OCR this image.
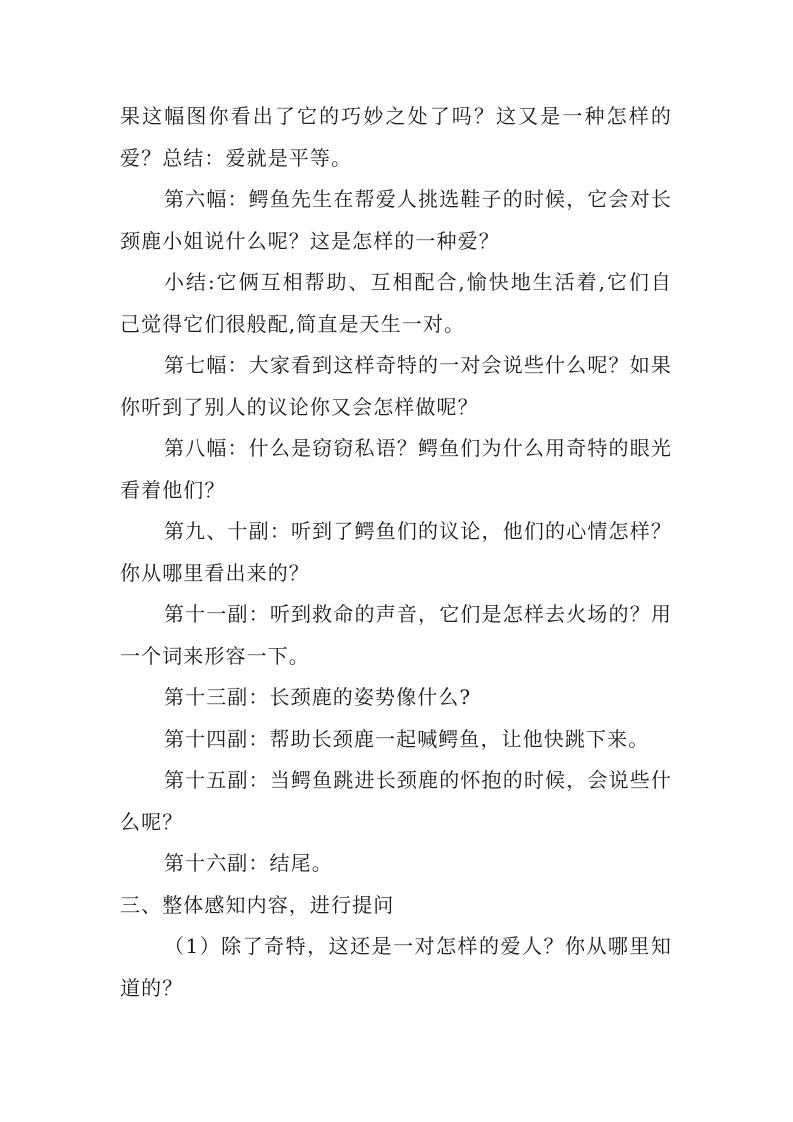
果这幅图你看出了它的巧妙之处了吗？这又是一种怎样的爱？总结：爱就是平等。

第六幅：鳄鱼先生在帮爱人挑选鞋子的时候，它会对长颈鹿小姐说什么呢？这是怎样的一种爱？

小结:它俩互相帮助、互相配合,愉快地生活着,它们自己觉得它们很般配,简直是天生一对。

第七幅：大家看到这样奇特的一对会说些什么呢？如果你听到了别人的议论你又会怎样做呢？

第八幅：什么是窃窃私语？鳄鱼们为什么用奇特的眼光看着他们？

第九、十副：听到了鳄鱼们的议论，他们的心情怎样？你从哪里看出来的？

第十一副：听到救命的声音，它们是怎样去火场的？用一个词来形容一下。

第十三副：长颈鹿的姿势像什么?

第十四副：帮助长颈鹿一起喊鳄鱼，让他快跳下来。

第十五副：当鳄鱼跳进长颈鹿的怀抱的时候，会说些什么呢？

第十六副：结尾。

三、整体感知内容，进行提问

（1）除了奇特，这还是一对怎样的爱人？你从哪里知道的？
